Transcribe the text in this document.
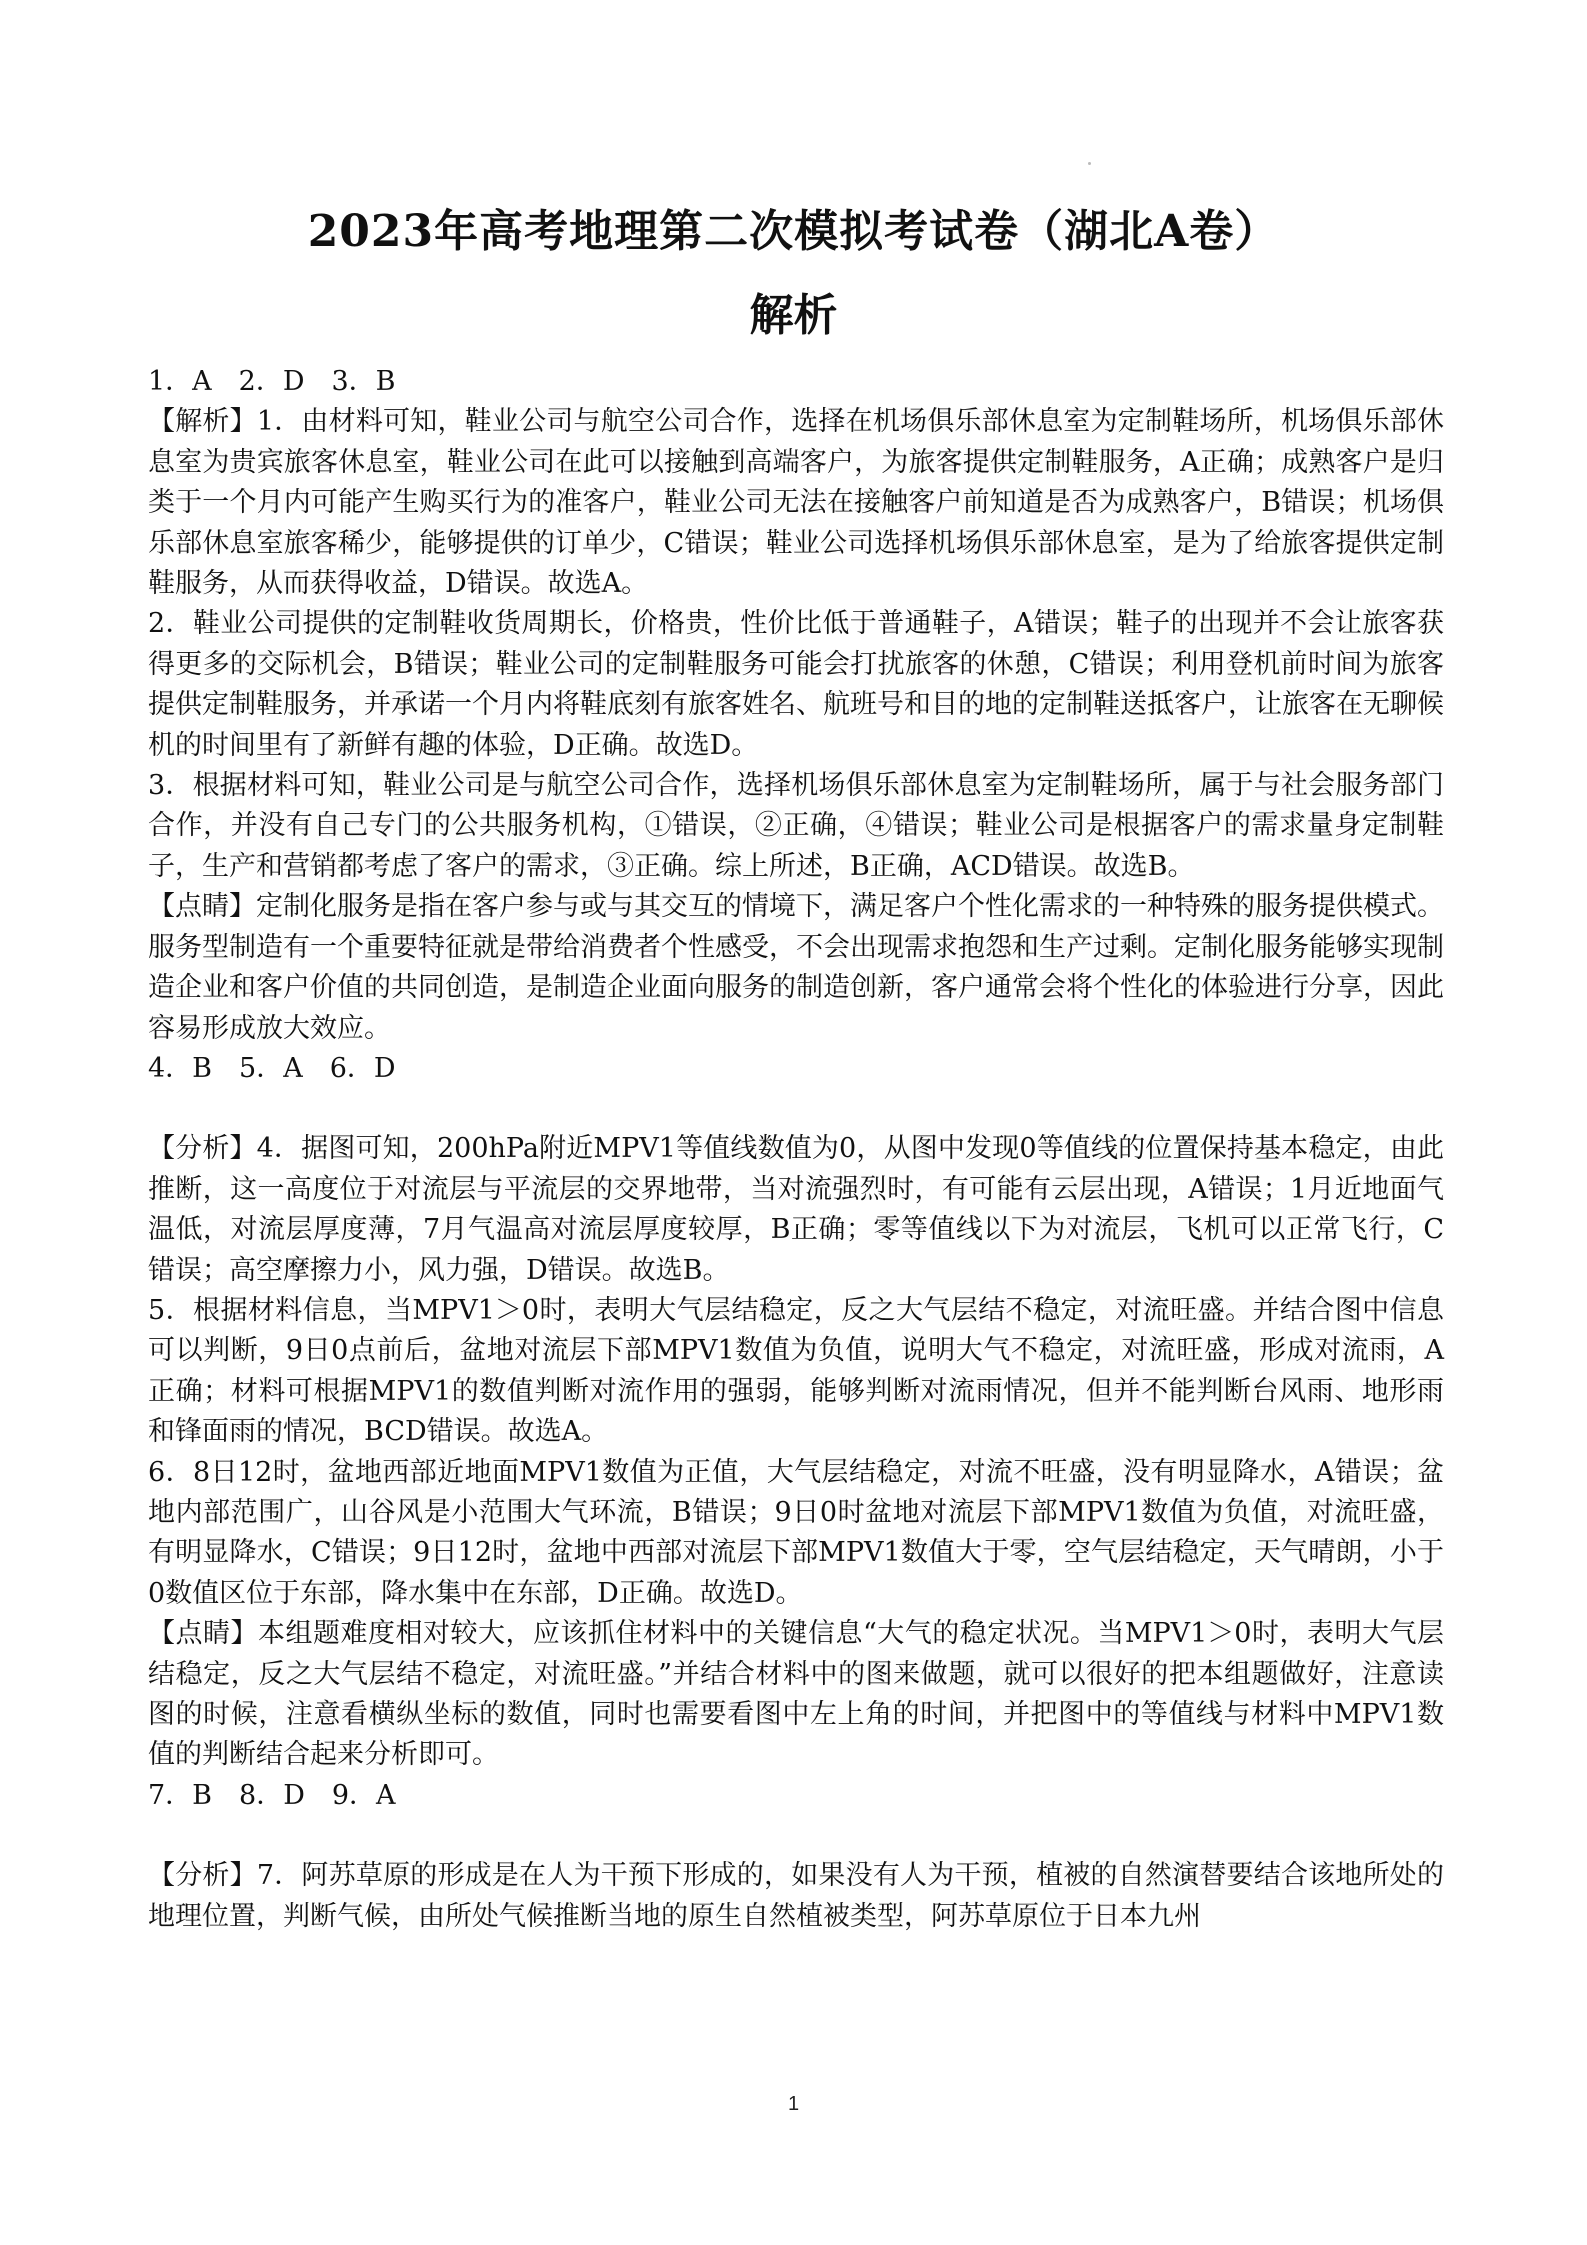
2023年高考地理第二次模拟考试卷（湖北A卷）
解析

1．A　2．D　3．B

【解析】1．由材料可知，鞋业公司与航空公司合作，选择在机场俱乐部休息室为定制鞋场所，机场俱乐部休息室为贵宾旅客休息室，鞋业公司在此可以接触到高端客户，为旅客提供定制鞋服务，A正确；成熟客户是归类于一个月内可能产生购买行为的准客户，鞋业公司无法在接触客户前知道是否为成熟客户，B错误；机场俱乐部休息室旅客稀少，能够提供的订单少，C错误；鞋业公司选择机场俱乐部休息室，是为了给旅客提供定制鞋服务，从而获得收益，D错误。故选A。

2．鞋业公司提供的定制鞋收货周期长，价格贵，性价比低于普通鞋子，A错误；鞋子的出现并不会让旅客获得更多的交际机会，B错误；鞋业公司的定制鞋服务可能会打扰旅客的休憩，C错误；利用登机前时间为旅客提供定制鞋服务，并承诺一个月内将鞋底刻有旅客姓名、航班号和目的地的定制鞋送抵客户，让旅客在无聊候机的时间里有了新鲜有趣的体验，D正确。故选D。

3．根据材料可知，鞋业公司是与航空公司合作，选择机场俱乐部休息室为定制鞋场所，属于与社会服务部门合作，并没有自己专门的公共服务机构，①错误，②正确，④错误；鞋业公司是根据客户的需求量身定制鞋子，生产和营销都考虑了客户的需求，③正确。综上所述，B正确，ACD错误。故选B。

【点睛】定制化服务是指在客户参与或与其交互的情境下，满足客户个性化需求的一种特殊的服务提供模式。服务型制造有一个重要特征就是带给消费者个性感受，不会出现需求抱怨和生产过剩。定制化服务能够实现制造企业和客户价值的共同创造，是制造企业面向服务的制造创新，客户通常会将个性化的体验进行分享，因此容易形成放大效应。

4．B　5．A　6．D

【分析】4．据图可知，200hPa附近MPV1等值线数值为0，从图中发现0等值线的位置保持基本稳定，由此推断，这一高度位于对流层与平流层的交界地带，当对流强烈时，有可能有云层出现，A错误；1月近地面气温低，对流层厚度薄，7月气温高对流层厚度较厚，B正确；零等值线以下为对流层，飞机可以正常飞行，C错误；高空摩擦力小，风力强，D错误。故选B。

5．根据材料信息，当MPV1＞0时，表明大气层结稳定，反之大气层结不稳定，对流旺盛。并结合图中信息可以判断，9日0点前后，盆地对流层下部MPV1数值为负值，说明大气不稳定，对流旺盛，形成对流雨，A正确；材料可根据MPV1的数值判断对流作用的强弱，能够判断对流雨情况，但并不能判断台风雨、地形雨和锋面雨的情况，BCD错误。故选A。

6．8日12时，盆地西部近地面MPV1数值为正值，大气层结稳定，对流不旺盛，没有明显降水，A错误；盆地内部范围广，山谷风是小范围大气环流，B错误；9日0时盆地对流层下部MPV1数值为负值，对流旺盛，有明显降水，C错误；9日12时，盆地中西部对流层下部MPV1数值大于零，空气层结稳定，天气晴朗，小于0数值区位于东部，降水集中在东部，D正确。故选D。

【点睛】本组题难度相对较大，应该抓住材料中的关键信息“大气的稳定状况。当MPV1＞0时，表明大气层结稳定，反之大气层结不稳定，对流旺盛。”并结合材料中的图来做题，就可以很好的把本组题做好，注意读图的时候，注意看横纵坐标的数值，同时也需要看图中左上角的时间，并把图中的等值线与材料中MPV1数值的判断结合起来分析即可。

7．B　8．D　9．A

【分析】7．阿苏草原的形成是在人为干预下形成的，如果没有人为干预，植被的自然演替要结合该地所处的地理位置，判断气候，由所处气候推断当地的原生自然植被类型，阿苏草原位于日本九州

1
